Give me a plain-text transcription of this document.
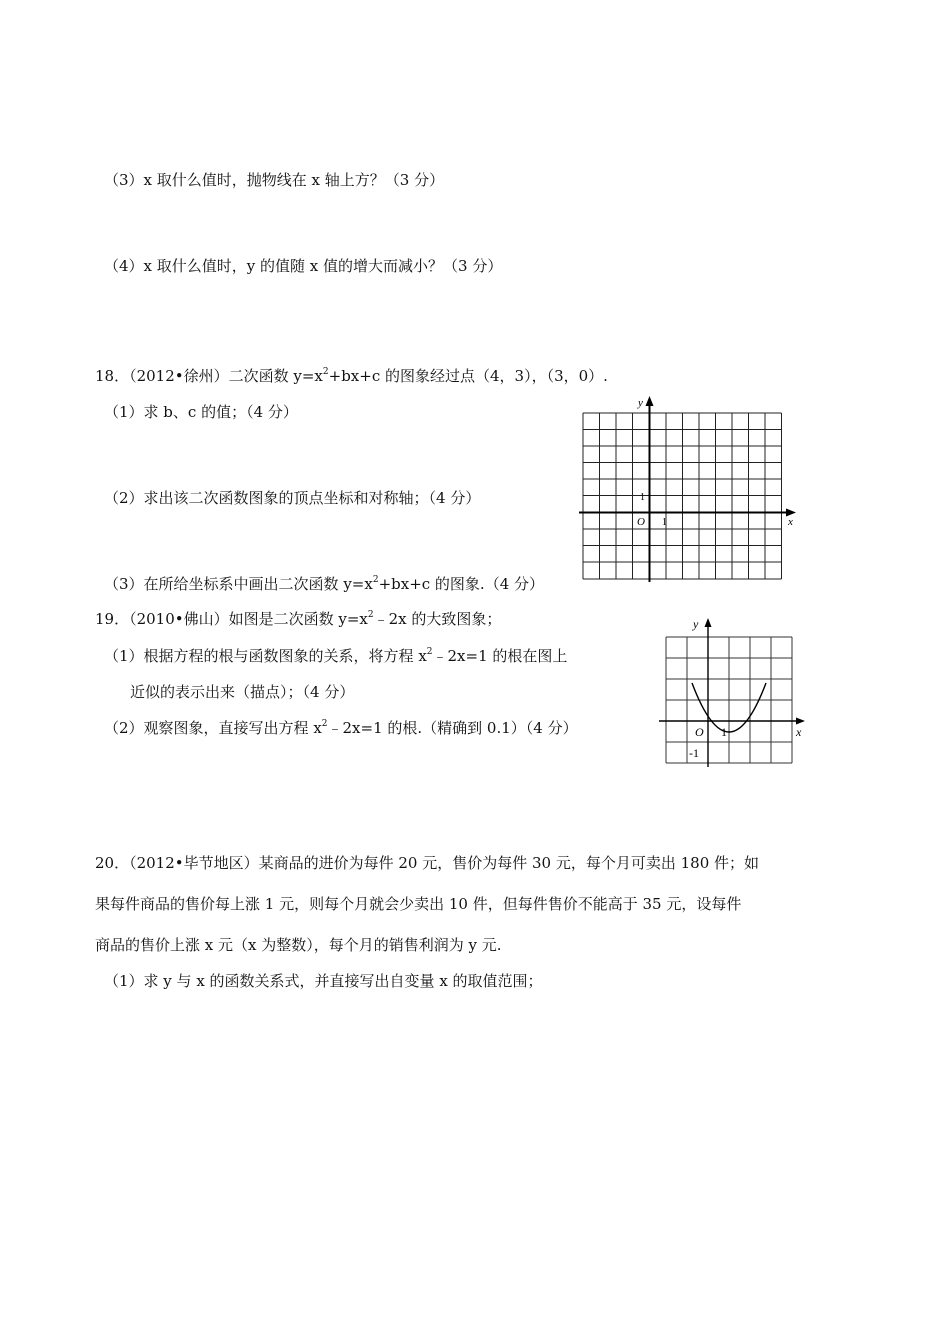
（3）x 取什么值时，抛物线在 x 轴上方？（3 分）
（4）x 取什么值时，y 的值随 x 值的增大而减小？（3 分）
18．（2012•徐州）二次函数 $y=x^2+bx+c$ 的图象经过点（4，3），（3，0）.
（1）求 b、c 的值；（4 分）
（2）求出该二次函数图象的顶点坐标和对称轴；（4 分）
（3）在所给坐标系中画出二次函数 $y=x^2+bx+c$ 的图象.（4 分）
y
x
O 1
1
19．（2010•佛山）如图是二次函数 $y=x^2﹣2x$ 的大致图象；
（1）根据方程的根与函数图象的关系，将方程 $x^2﹣2x=1$ 的根在图上
近似的表示出来（描点）；（4 分）
（2）观察图象，直接写出方程 $x^2﹣2x=1$ 的根.（精确到 0.1）（4 分）
y
x
O 1
-1
20．（2012•毕节地区）某商品的进价为每件 20 元，售价为每件 30 元，每个月可卖出 180 件；如
果每件商品的售价每上涨 1 元，则每个月就会少卖出 10 件，但每件售价不能高于 35 元，设每件
商品的售价上涨 x 元（x 为整数），每个月的销售利润为 y 元.
（1）求 y 与 x 的函数关系式，并直接写出自变量 x 的取值范围；
